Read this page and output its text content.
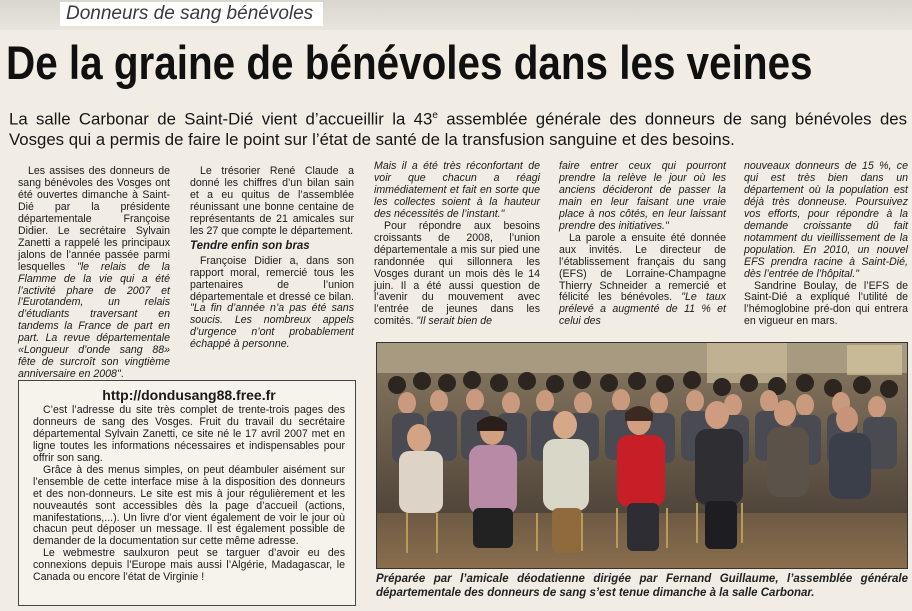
Donneurs de sang bénévoles
De la graine de bénévoles dans les veines
La salle Carbonar de Saint-Dié vient d’accueillir la 43e assemblée générale des donneurs de sang bénévoles des Vosges qui a permis de faire le point sur l’état de santé de la transfusion sanguine et des besoins.

Les assises des donneurs de sang bénévoles des Vosges ont été ouvertes dimanche à Saint-Dié par la présidente départementale Françoise Didier. Le secrétaire Sylvain Zanetti a rappelé les principaux jalons de l’année passée parmi lesquelles "le relais de la Flamme de la vie qui a été l’activité phare de 2007 et l’Eurotandem, un relais d’étudiants traversant en tandems la France de part en part. La revue départementale «Longueur d’onde sang 88» fête de surcroît son vingtième anniversaire en 2008".

Le trésorier René Claude a donné les chiffres d’un bilan sain et a eu quitus de l’assemblée réunissant une bonne centaine de représentants de 21 amicales sur les 27 que compte le département.

Tendre enfin son bras

Françoise Didier a, dans son rapport moral, remercié tous les partenaires de l’union départementale et dressé ce bilan. "La fin d’année n’a pas été sans soucis. Les nombreux appels d’urgence n’ont probablement échappé à personne.

Mais il a été très réconfortant de voir que chacun a réagi immédiatement et fait en sorte que les collectes soient à la hauteur des nécessités de l’instant."

Pour répondre aux besoins croissants de 2008, l’union départementale a mis sur pied une randonnée qui sillonnera les Vosges durant un mois dès le 14 juin. Il a été aussi question de l’avenir du mouvement avec l’entrée de jeunes dans les comités. "Il serait bien de

faire entrer ceux qui pourront prendre la relève le jour où les anciens décideront de passer la main en leur faisant une vraie place à nos côtés, en leur laissant prendre des initiatives."

La parole a ensuite été donnée aux invités. Le directeur de l’établissement français du sang (EFS) de Lorraine-Champagne Thierry Schneider a remercié et félicité les bénévoles. "Le taux prélevé a augmenté de 11 % et celui des

nouveaux donneurs de 15 %, ce qui est très bien dans un département où la population est déjà très donneuse. Poursuivez vos efforts, pour répondre à la demande croissante dû fait notamment du vieillissement de la population. En 2010, un nouvel EFS prendra racine à Saint-Dié, dès l’entrée de l’hôpital."

Sandrine Boulay, de l’EFS de Saint-Dié a expliqué l’utilité de l’hémoglobine pré-don qui entrera en vigueur en mars.

http://dondusang88.free.fr

C’est l’adresse du site très complet de trente-trois pages des donneurs de sang des Vosges. Fruit du travail du secrétaire départemental Sylvain Zanetti, ce site né le 17 avril 2007 met en ligne toutes les informations nécessaires et indispensables pour offrir son sang.

Grâce à des menus simples, on peut déambuler aisément sur l’ensemble de cette interface mise à la disposition des donneurs et des non-donneurs. Le site est mis à jour régulièrement et les nouveautés sont accessibles dès la page d’accueil (actions, manifestations,...). Un livre d’or vient également de voir le jour où chacun peut déposer un message. Il est également possible de demander de la documentation sur cette même adresse.

Le webmestre saulxuron peut se targuer d’avoir eu des connexions depuis l’Europe mais aussi l’Algérie, Madagascar, le Canada ou encore l’état de Virginie !	Préparée par l’amicale déodatienne dirigée par Fernand Guillaume, l’assemblée générale départementale des donneurs de sang s’est tenue dimanche à la salle Carbonar.
